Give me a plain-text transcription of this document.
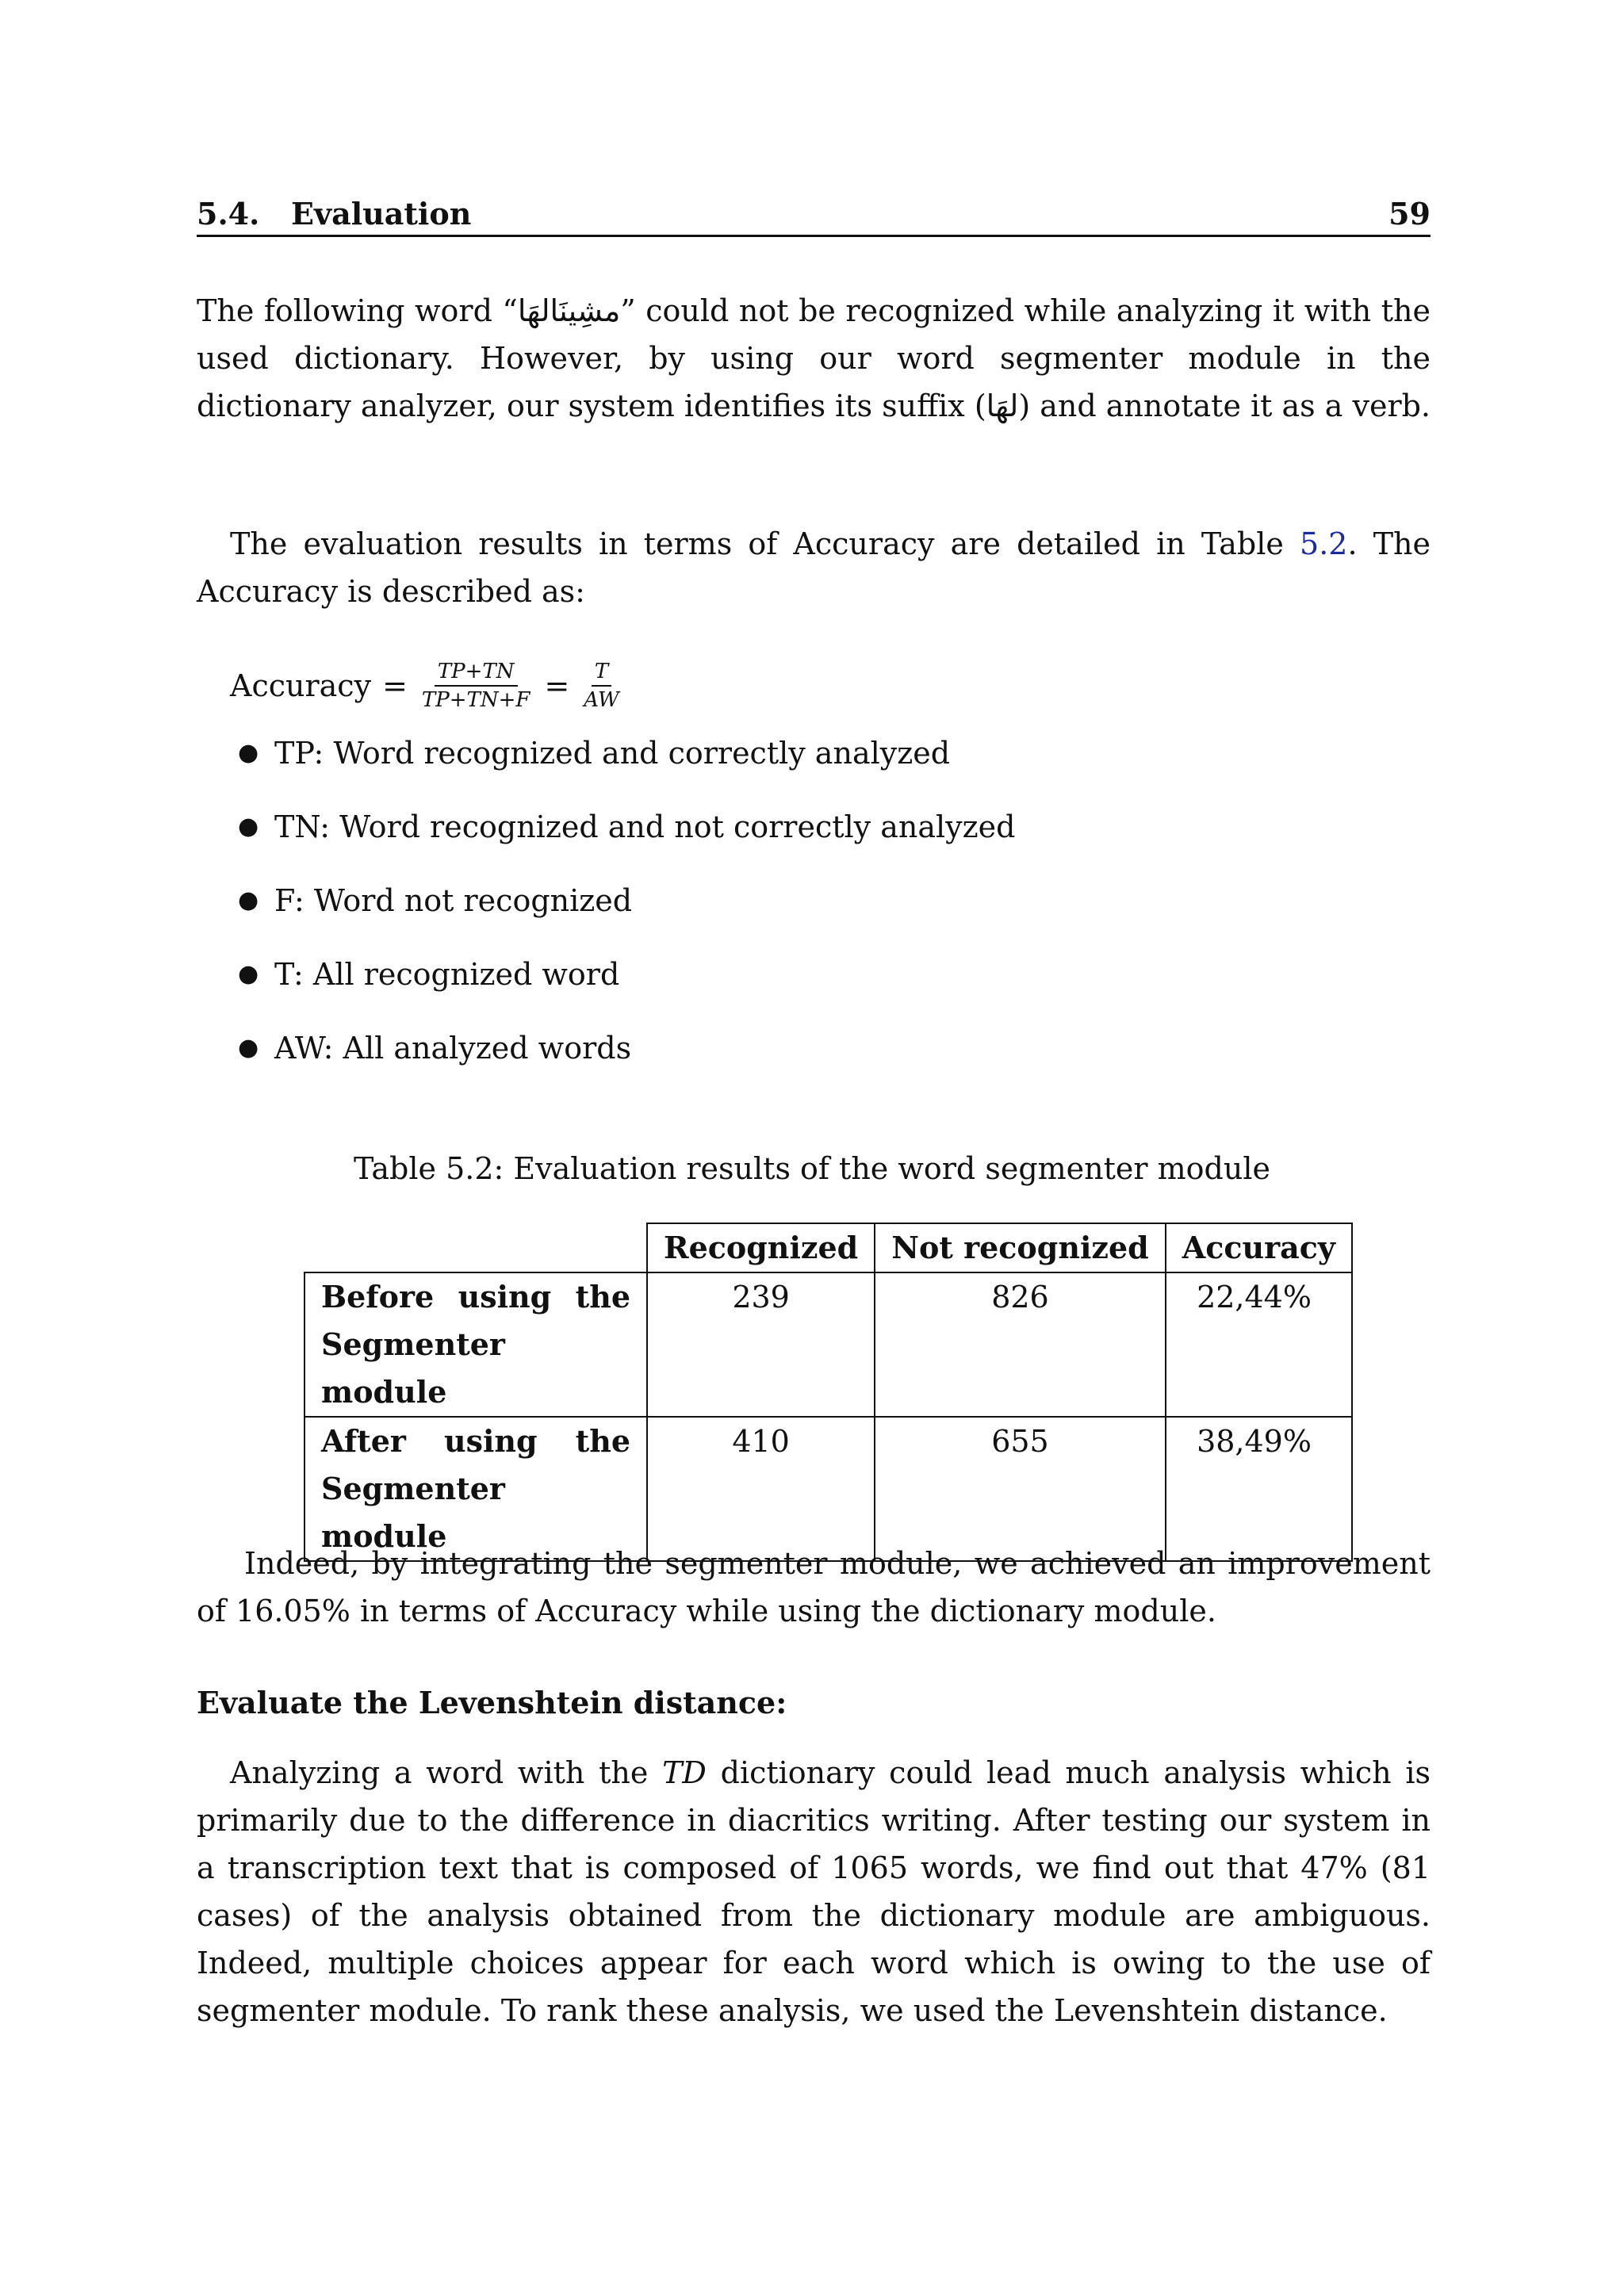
5.4.   Evaluation	59

The following word “مشِينَالهَا” could not be recognized while analyzing it with the used dictionary. However, by using our word segmenter module in the dictionary analyzer, our system identifies its suffix (لهَا) and annotate it as a verb.

The evaluation results in terms of Accuracy are detailed in Table 5.2. The Accuracy is described as:

Accuracy = $\frac{TP+TN}{TP+TN+F} = \frac{T}{AW}$
● TP: Word recognized and correctly analyzed
● TN: Word recognized and not correctly analyzed
● F: Word not recognized
● T: All recognized word
● AW: All analyzed words
Table 5.2: Evaluation results of the word segmenter module
	Recognized	Not recognized	Accuracy
Before using the Segmenter module	239	826	22,44%
After using the Segmenter module	410	655	38,49%

Indeed, by integrating the segmenter module, we achieved an improvement of 16.05% in terms of Accuracy while using the dictionary module.

Evaluate the Levenshtein distance:

Analyzing a word with the TD dictionary could lead much analysis which is primarily due to the difference in diacritics writing. After testing our system in a transcription text that is composed of 1065 words, we find out that 47% (81 cases) of the analysis obtained from the dictionary module are ambiguous. Indeed, multiple choices appear for each word which is owing to the use of segmenter module. To rank these analysis, we used the Levenshtein distance.
